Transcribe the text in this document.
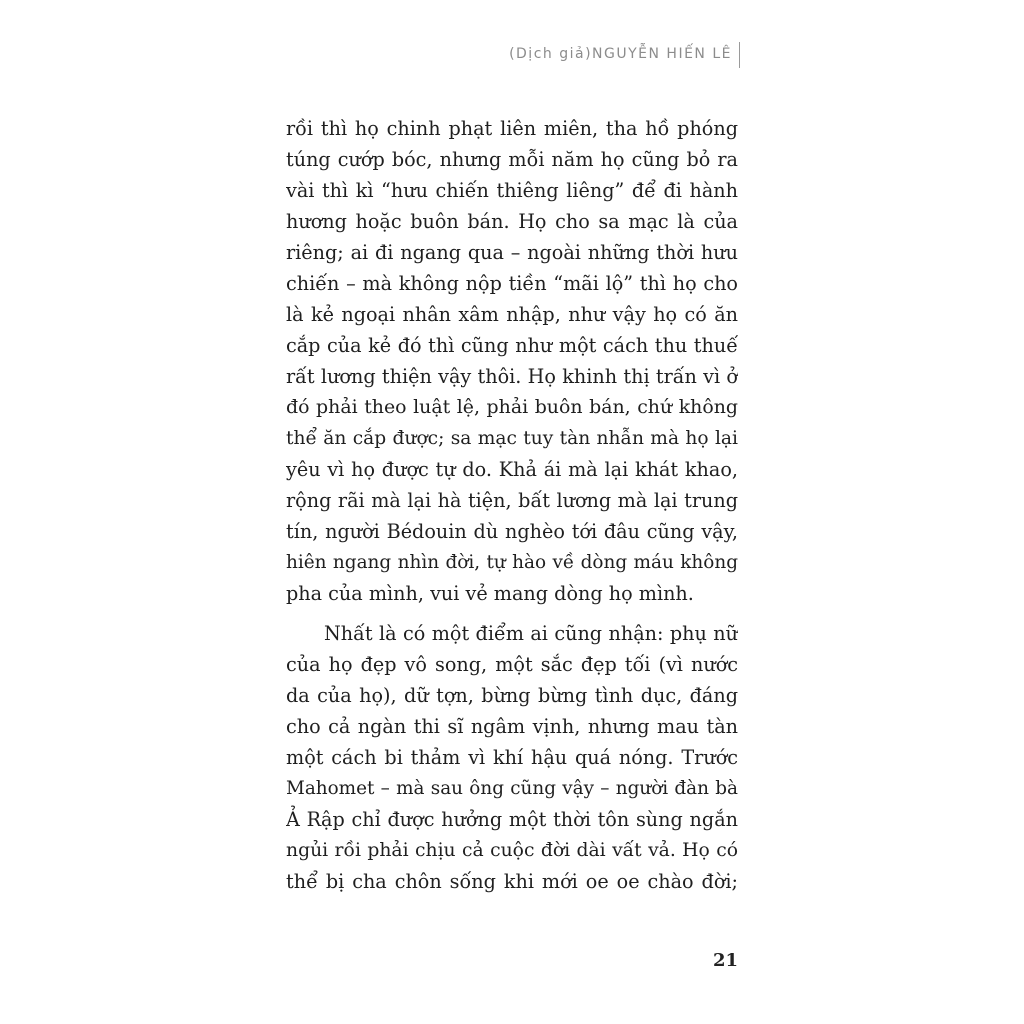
(Dịch giả)NGUYỄN HIẾN LÊ
rồi thì họ chinh phạt liên miên, tha hồ phóng
túng cướp bóc, nhưng mỗi năm họ cũng bỏ ra
vài thì kì “hưu chiến thiêng liêng” để đi hành
hương hoặc buôn bán. Họ cho sa mạc là của
riêng; ai đi ngang qua – ngoài những thời hưu
chiến – mà không nộp tiền “mãi lộ” thì họ cho
là kẻ ngoại nhân xâm nhập, như vậy họ có ăn
cắp của kẻ đó thì cũng như một cách thu thuế
rất lương thiện vậy thôi. Họ khinh thị trấn vì ở
đó phải theo luật lệ, phải buôn bán, chứ không
thể ăn cắp được; sa mạc tuy tàn nhẫn mà họ lại
yêu vì họ được tự do. Khả ái mà lại khát khao,
rộng rãi mà lại hà tiện, bất lương mà lại trung
tín, người Bédouin dù nghèo tới đâu cũng vậy,
hiên ngang nhìn đời, tự hào về dòng máu không
pha của mình, vui vẻ mang dòng họ mình.
Nhất là có một điểm ai cũng nhận: phụ nữ
của họ đẹp vô song, một sắc đẹp tối (vì nước
da của họ), dữ tợn, bừng bừng tình dục, đáng
cho cả ngàn thi sĩ ngâm vịnh, nhưng mau tàn
một cách bi thảm vì khí hậu quá nóng. Trước
Mahomet – mà sau ông cũng vậy – người đàn bà
Ả Rập chỉ được hưởng một thời tôn sùng ngắn
ngủi rồi phải chịu cả cuộc đời dài vất vả. Họ có
thể bị cha chôn sống khi mới oe oe chào đời;
21
